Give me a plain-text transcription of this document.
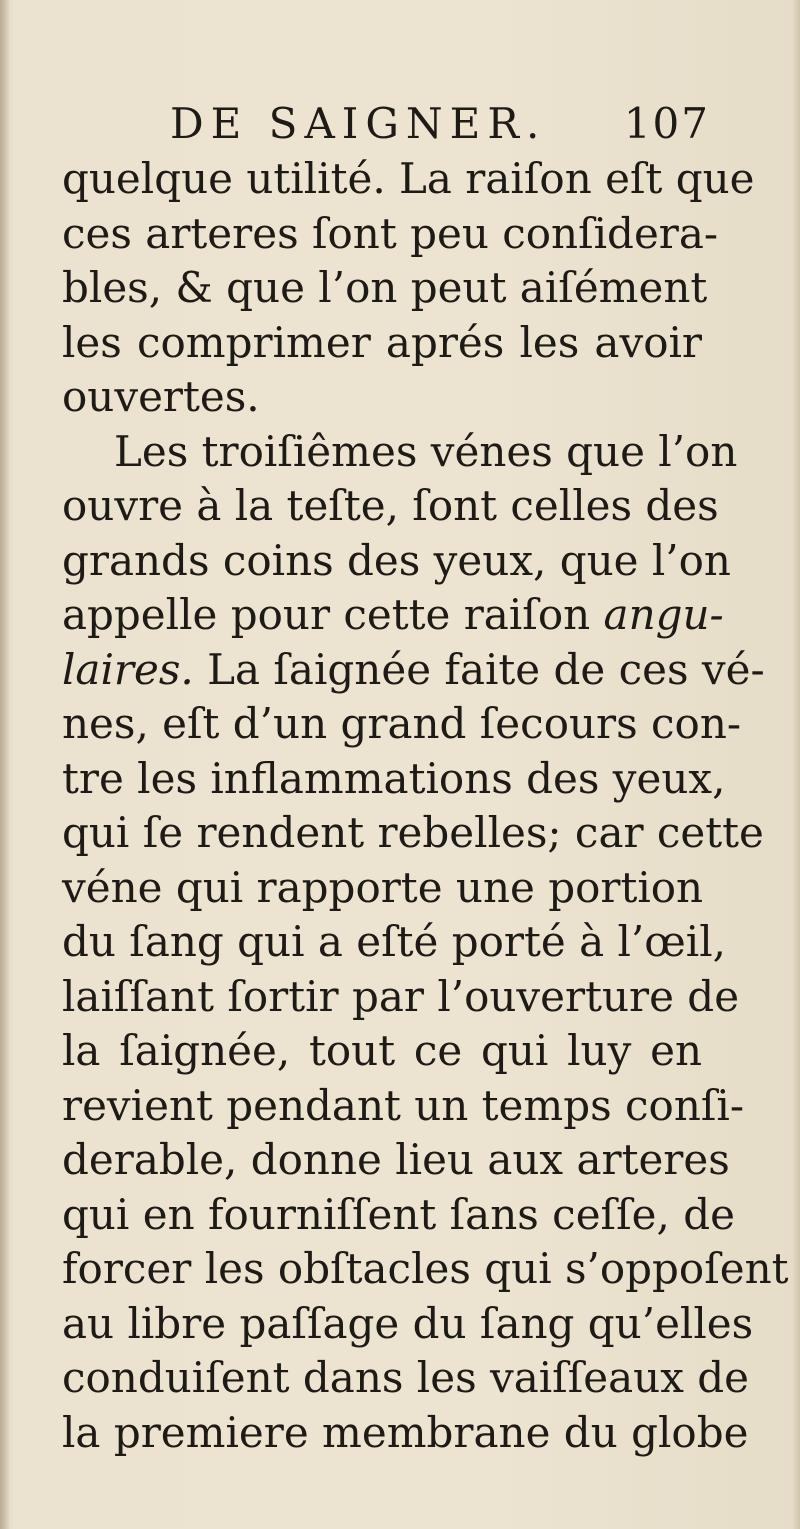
DE SAIGNER. 107
quelque utilité. La raiſon eſt que
ces arteres ſont peu conſidera-
bles, & que l’on peut aiſément
les comprimer aprés les avoir
ouvertes.
Les troiſiêmes vénes que l’on
ouvre à la teſte, ſont celles des
grands coins des yeux, que l’on
appelle pour cette raiſon angu-
laires. La ſaignée faite de ces vé-
nes, eſt d’un grand ſecours con-
tre les inflammations des yeux,
qui ſe rendent rebelles; car cette
véne qui rapporte une portion
du ſang qui a eſté porté à l’œil,
laiſſant ſortir par l’ouverture de
la ſaignée, tout ce qui luy en
revient pendant un temps conſi-
derable, donne lieu aux arteres
qui en fourniſſent ſans ceſſe, de
forcer les obſtacles qui s’oppoſent
au libre paſſage du ſang qu’elles
conduiſent dans les vaiſſeaux de
la premiere membrane du globe
